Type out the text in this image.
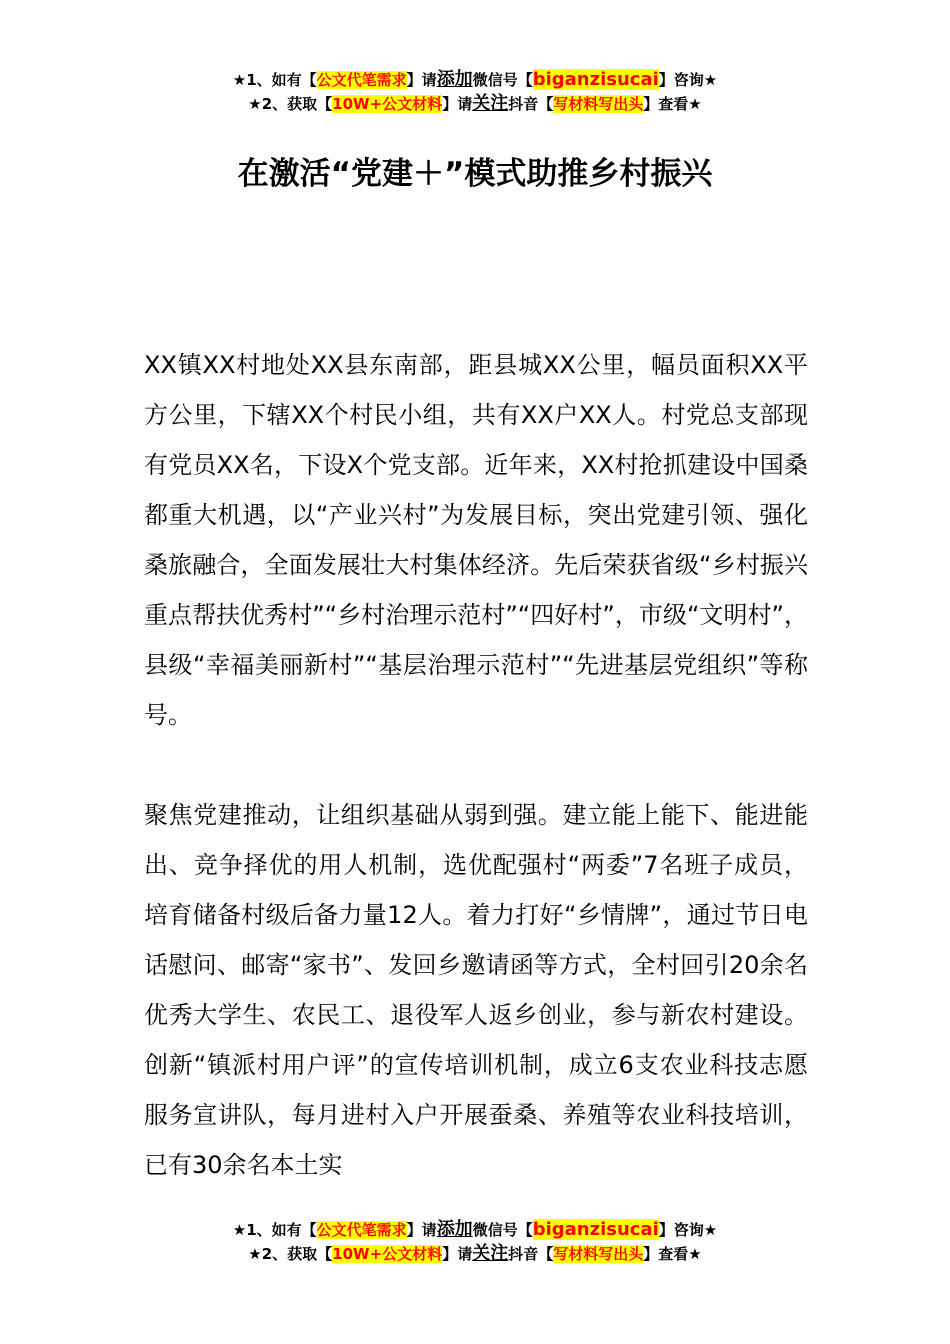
★1、如有【公文代笔需求】请添加微信号【biganzisucai】咨询★
★2、获取【10W+公文材料】请关注抖音【写材料写出头】查看★
在激活“党建＋”模式助推乡村振兴

XX镇XX村地处XX县东南部，距县城XX公里，幅员面积XX平方公里，下辖XX个村民小组，共有XX户XX人。村党总支部现有党员XX名，下设X个党支部。近年来，XX村抢抓建设中国桑都重大机遇，以“产业兴村”为发展目标，突出党建引领、强化桑旅融合，全面发展壮大村集体经济。先后荣获省级“乡村振兴重点帮扶优秀村”“乡村治理示范村”“四好村”，市级“文明村”，县级“幸福美丽新村”“基层治理示范村”“先进基层党组织”等称号。

聚焦党建推动，让组织基础从弱到强。建立能上能下、能进能出、竞争择优的用人机制，选优配强村“两委”7名班子成员，培育储备村级后备力量12人。着力打好“乡情牌”，通过节日电话慰问、邮寄“家书”、发回乡邀请函等方式，全村回引20余名优秀大学生、农民工、退役军人返乡创业，参与新农村建设。创新“镇派村用户评”的宣传培训机制，成立6支农业科技志愿服务宣讲队，每月进村入户开展蚕桑、养殖等农业科技培训，已有30余名本土实

★1、如有【公文代笔需求】请添加微信号【biganzisucai】咨询★
★2、获取【10W+公文材料】请关注抖音【写材料写出头】查看★
